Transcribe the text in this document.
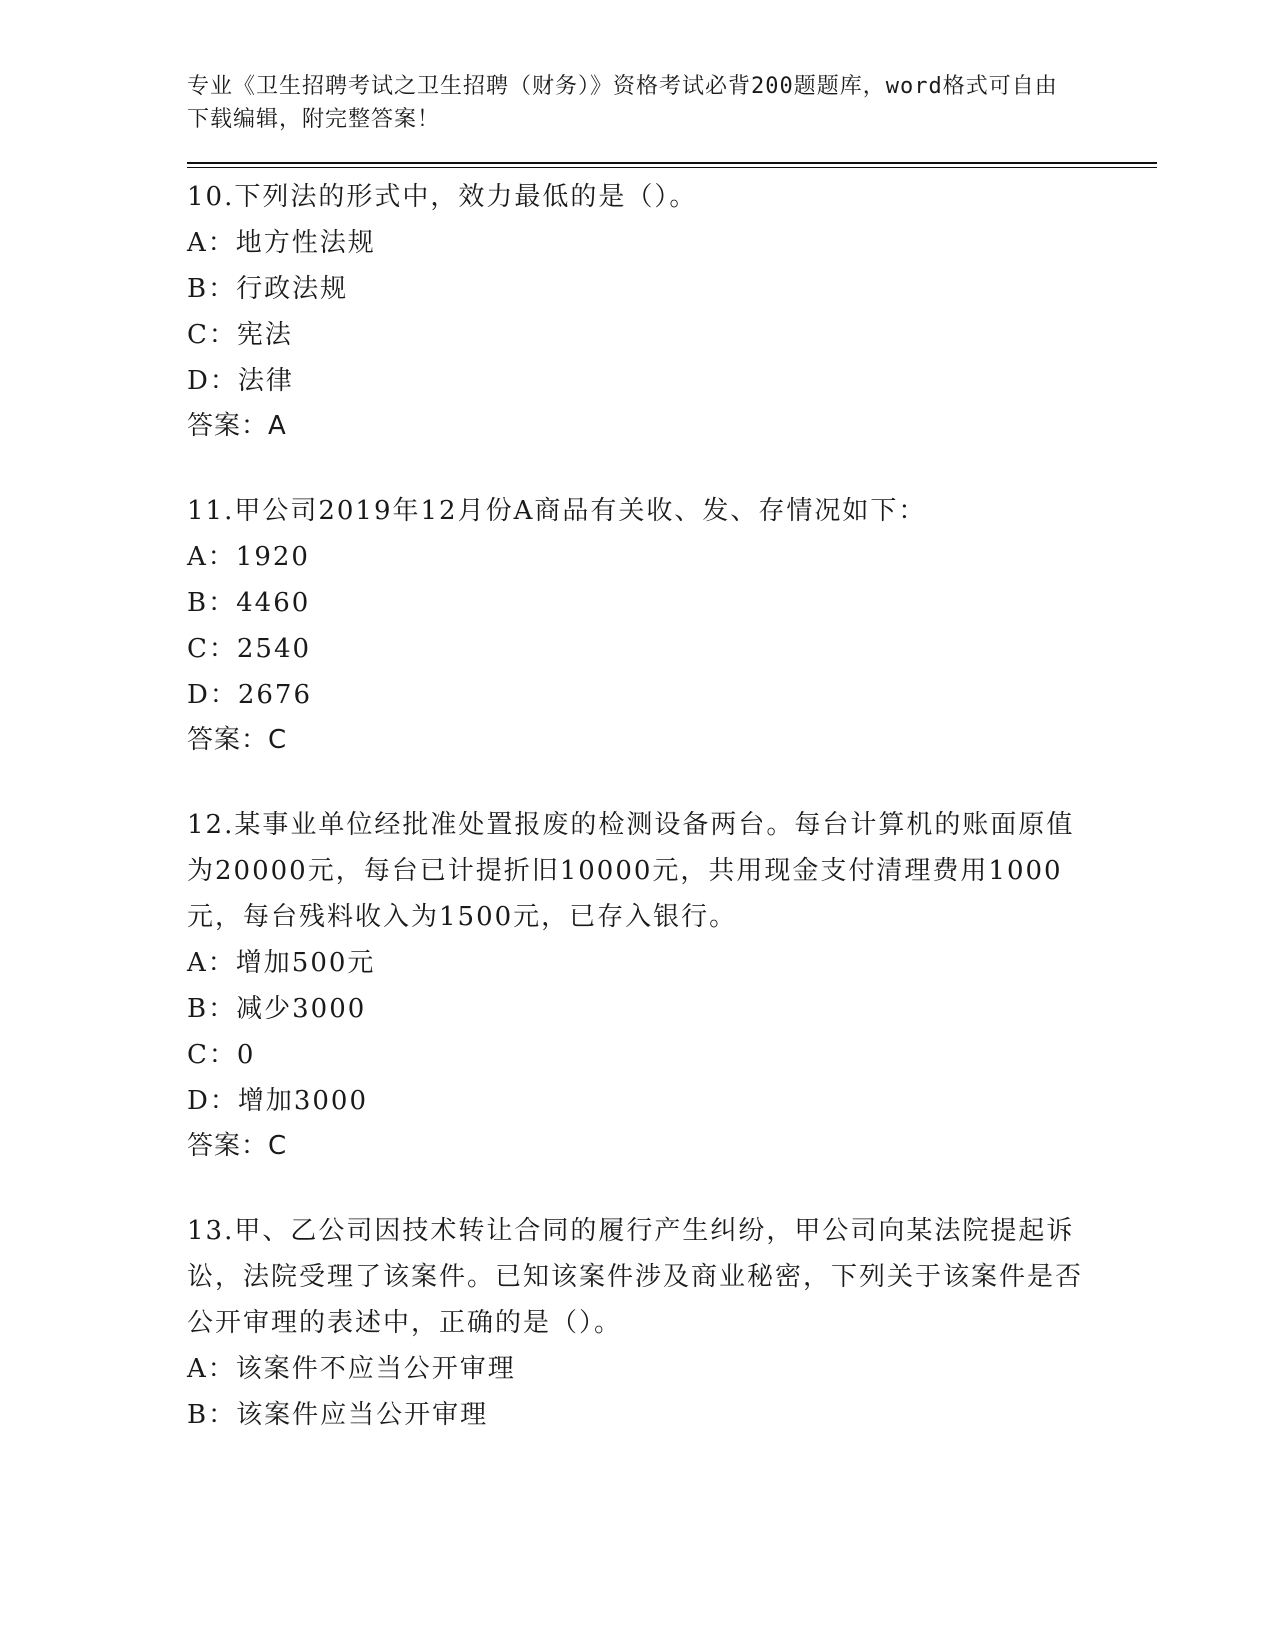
专业《卫生招聘考试之卫生招聘（财务）》资格考试必背200题题库，word格式可自由下载编辑，附完整答案！

10.下列法的形式中，效力最低的是（）。

A：地方性法规

B：行政法规

C：宪法

D：法律

答案：A

11.甲公司2019年12月份A商品有关收、发、存情况如下：

A：1920

B：4460

C：2540

D：2676

答案：C

12.某事业单位经批准处置报废的检测设备两台。每台计算机的账面原值为20000元，每台已计提折旧10000元，共用现金支付清理费用1000元，每台残料收入为1500元，已存入银行。

A：增加500元

B：减少3000

C：0

D：增加3000

答案：C

13.甲、乙公司因技术转让合同的履行产生纠纷，甲公司向某法院提起诉讼，法院受理了该案件。已知该案件涉及商业秘密，下列关于该案件是否公开审理的表述中，正确的是（）。

A：该案件不应当公开审理

B：该案件应当公开审理
